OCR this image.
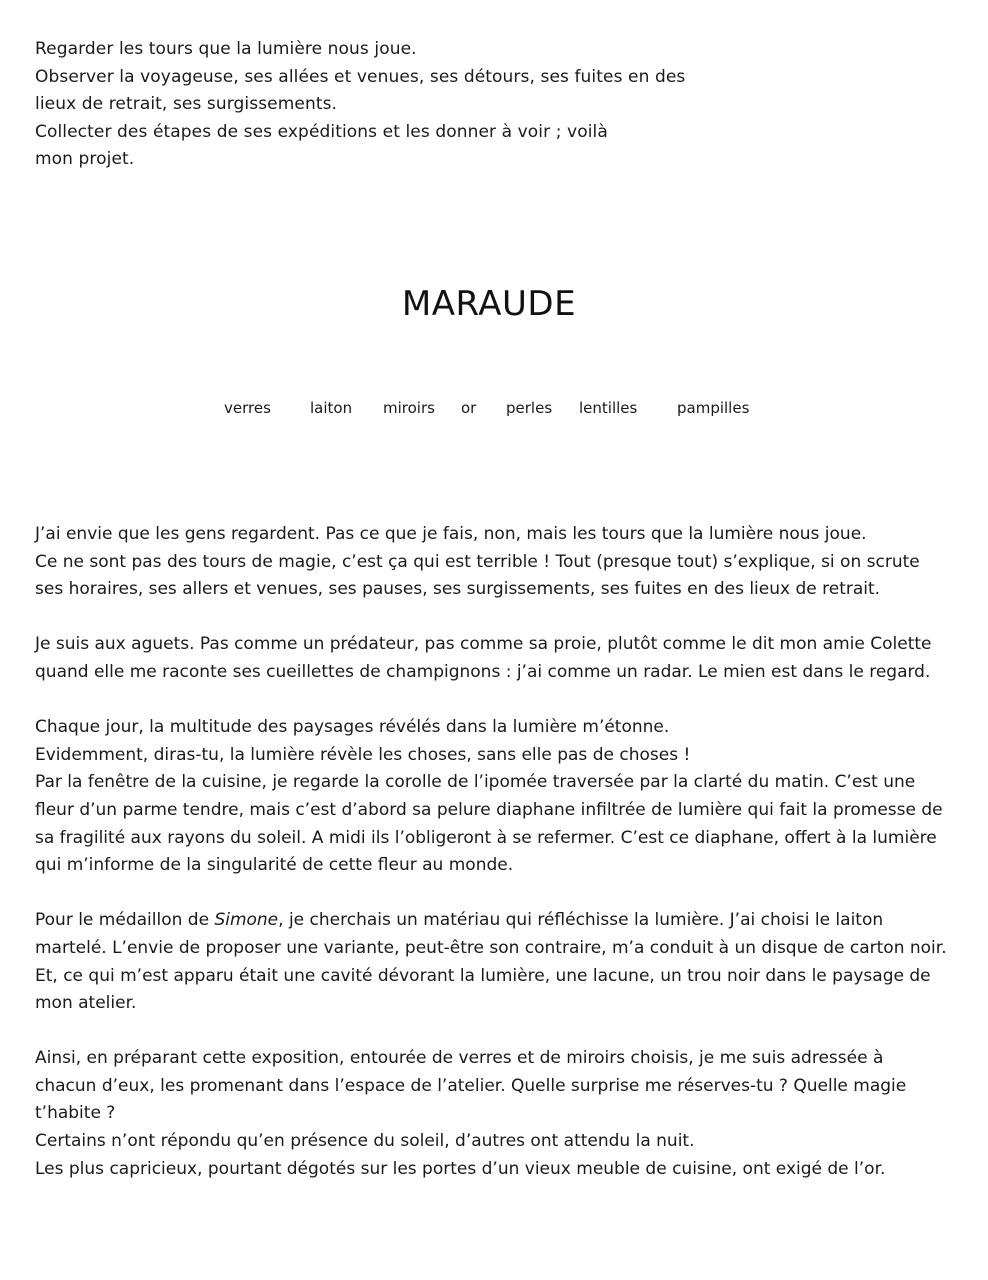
Regarder les tours que la lumière nous joue.
Observer la voyageuse, ses allées et venues, ses détours, ses fuites en des
lieux de retrait, ses surgissements.
Collecter des étapes de ses expéditions et les donner à voir ; voilà
mon projet.
MARAUDE
verres	laiton miroirs or perles lentilles	pampilles

J’ai envie que les gens regardent. Pas ce que je fais, non, mais les tours que la lumière nous joue.
Ce ne sont pas des tours de magie, c’est ça qui est terrible ! Tout (presque tout) s’explique, si on scrute ses horaires, ses allers et venues, ses pauses, ses surgissements, ses fuites en des lieux de retrait.

Je suis aux aguets. Pas comme un prédateur, pas comme sa proie, plutôt comme le dit mon amie Colette quand elle me raconte ses cueillettes de champignons : j’ai comme un radar. Le mien est dans le regard.

Chaque jour, la multitude des paysages révélés dans la lumière m’étonne.
Evidemment, diras-tu, la lumière révèle les choses, sans elle pas de choses !
Par la fenêtre de la cuisine, je regarde la corolle de l’ipomée traversée par la clarté du matin. C’est une fleur d’un parme tendre, mais c’est d’abord sa pelure diaphane infiltrée de lumière qui fait la promesse de sa fragilité aux rayons du soleil. A midi ils l’obligeront à se refermer. C’est ce diaphane, offert à la lumière qui m’informe de la singularité de cette fleur au monde.

Pour le médaillon de Simone, je cherchais un matériau qui réfléchisse la lumière. J’ai choisi le laiton martelé. L’envie de proposer une variante, peut-être son contraire, m’a conduit à un disque de carton noir. Et, ce qui m’est apparu était une cavité dévorant la lumière, une lacune, un trou noir dans le paysage de mon atelier.

Ainsi, en préparant cette exposition, entourée de verres et de miroirs choisis, je me suis adressée à chacun d’eux, les promenant dans l’espace de l’atelier. Quelle surprise me réserves-tu ? Quelle magie t’habite ?
Certains n’ont répondu qu’en présence du soleil, d’autres ont attendu la nuit.
Les plus capricieux, pourtant dégotés sur les portes d’un vieux meuble de cuisine, ont exigé de l’or.
